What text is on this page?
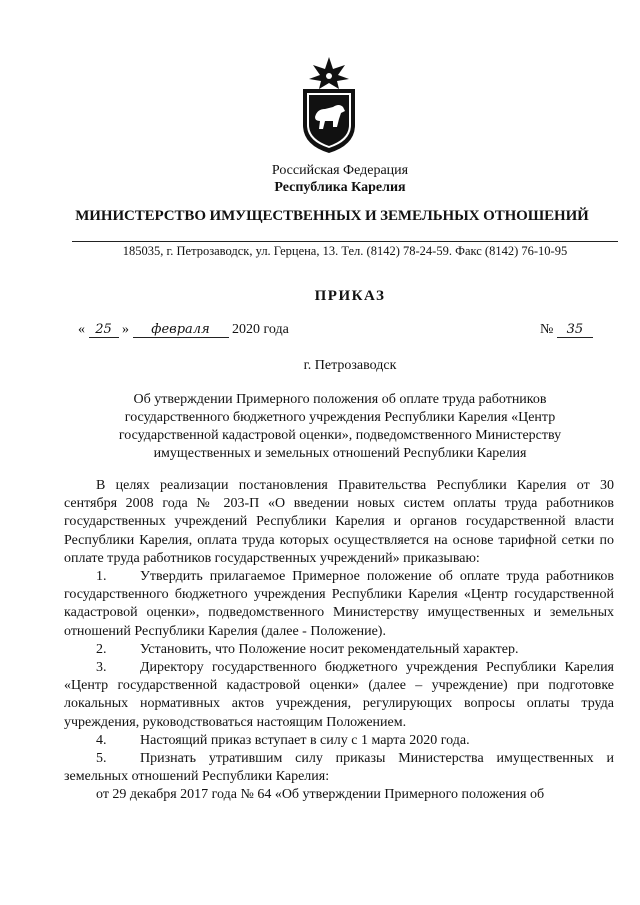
Российская Федерация
Республика Карелия
МИНИСТЕРСТВО ИМУЩЕСТВЕННЫХ И ЗЕМЕЛЬНЫХ ОТНОШЕНИЙ
185035, г. Петрозаводск, ул. Герцена, 13. Тел. (8142) 78-24-59. Факс (8142) 76-10-95
ПРИКАЗ
« 25 » февраля 2020 года	№ 35
г. Петрозаводск
Об утверждении Примерного положения об оплате труда работников государственного бюджетного учреждения Республики Карелия «Центр государственной кадастровой оценки», подведомственного Министерству имущественных и земельных отношений Республики Карелия

В целях реализации постановления Правительства Республики Карелия от 30 сентября 2008 года № 203-П «О введении новых систем оплаты труда работников государственных учреждений Республики Карелия и органов государственной власти Республики Карелия, оплата труда которых осуществляется на основе тарифной сетки по оплате труда работников государственных учреждений» приказываю:

1. Утвердить прилагаемое Примерное положение об оплате труда работников государственного бюджетного учреждения Республики Карелия «Центр государственной кадастровой оценки», подведомственного Министерству имущественных и земельных отношений Республики Карелия (далее - Положение).

2. Установить, что Положение носит рекомендательный характер.

3. Директору государственного бюджетного учреждения Республики Карелия «Центр государственной кадастровой оценки» (далее – учреждение) при подготовке локальных нормативных актов учреждения, регулирующих вопросы оплаты труда учреждения, руководствоваться настоящим Положением.

4. Настоящий приказ вступает в силу с 1 марта 2020 года.

5. Признать утратившим силу приказы Министерства имущественных и земельных отношений Республики Карелия:

от 29 декабря 2017 года № 64 «Об утверждении Примерного положения об
